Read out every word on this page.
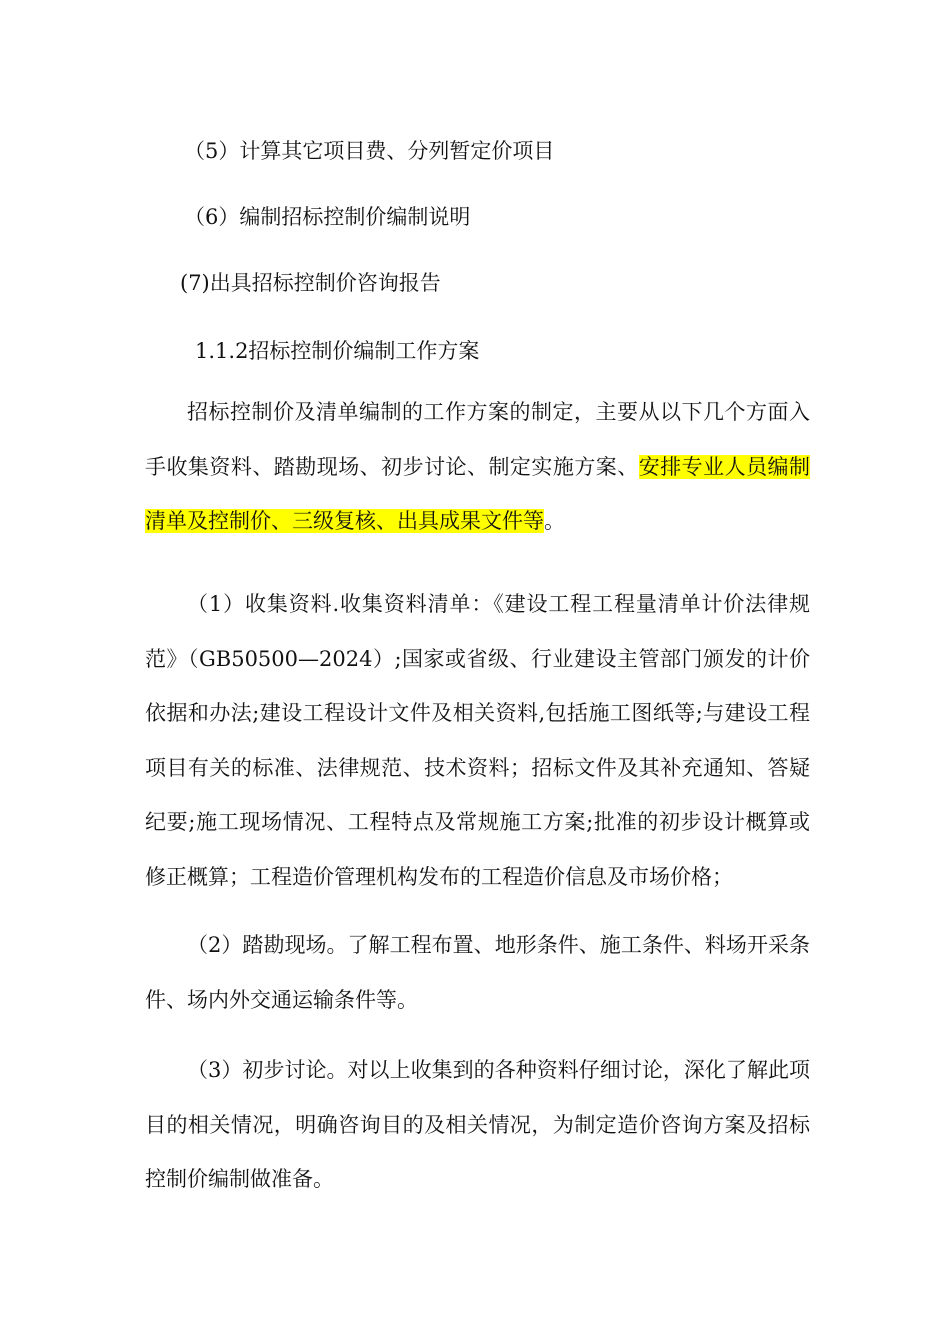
（5）计算其它项目费、分列暂定价项目
（6）编制招标控制价编制说明
(7)出具招标控制价咨询报告
1.1.2招标控制价编制工作方案
招标控制价及清单编制的工作方案的制定，主要从以下几个方面入手收集资料、踏勘现场、初步讨论、制定实施方案、安排专业人员编制清单及控制价、三级复核、出具成果文件等。
（1）收集资料.收集资料清单：《建设工程工程量清单计价法律规范》（GB50500—2024）;国家或省级、行业建设主管部门颁发的计价依据和办法;建设工程设计文件及相关资料,包括施工图纸等;与建设工程项目有关的标准、法律规范、技术资料；招标文件及其补充通知、答疑纪要;施工现场情况、工程特点及常规施工方案;批准的初步设计概算或修正概算；工程造价管理机构发布的工程造价信息及市场价格；
（2）踏勘现场。了解工程布置、地形条件、施工条件、料场开采条件、场内外交通运输条件等。
（3）初步讨论。对以上收集到的各种资料仔细讨论，深化了解此项目的相关情况，明确咨询目的及相关情况，为制定造价咨询方案及招标控制价编制做准备。
